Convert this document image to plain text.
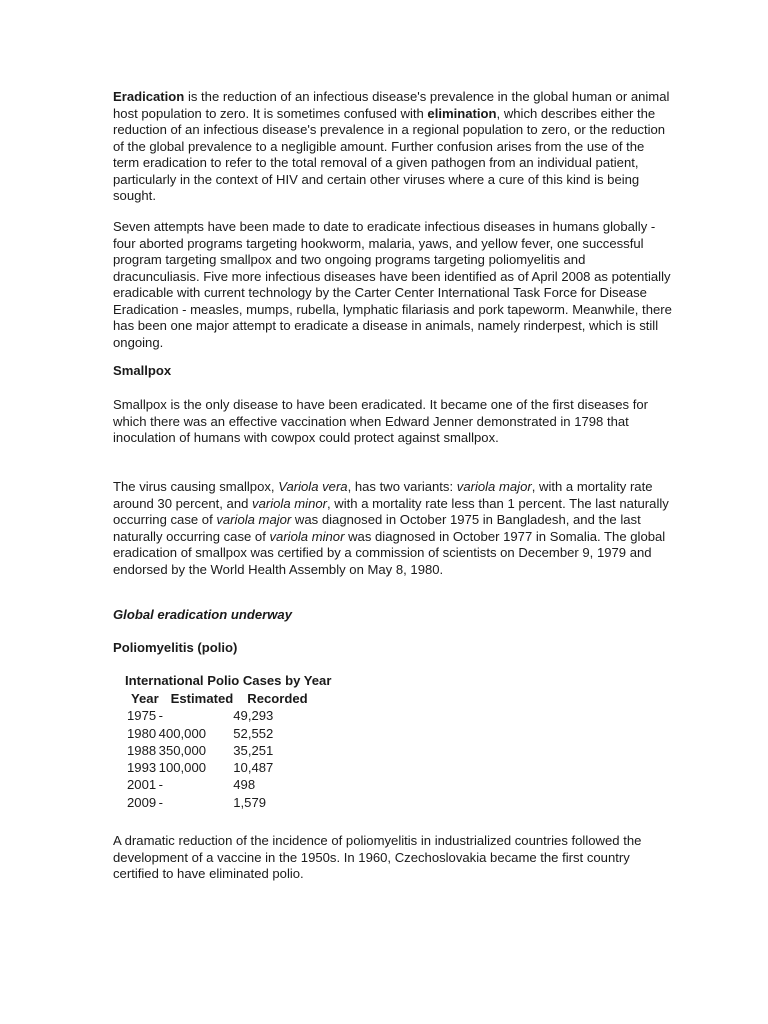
Eradication is the reduction of an infectious disease's prevalence in the global human or animal host population to zero. It is sometimes confused with elimination, which describes either the reduction of an infectious disease's prevalence in a regional population to zero, or the reduction of the global prevalence to a negligible amount. Further confusion arises from the use of the term eradication to refer to the total removal of a given pathogen from an individual patient, particularly in the context of HIV and certain other viruses where a cure of this kind is being sought.

Seven attempts have been made to date to eradicate infectious diseases in humans globally - four aborted programs targeting hookworm, malaria, yaws, and yellow fever, one successful program targeting smallpox and two ongoing programs targeting poliomyelitis and dracunculiasis. Five more infectious diseases have been identified as of April 2008 as potentially eradicable with current technology by the Carter Center International Task Force for Disease Eradication - measles, mumps, rubella, lymphatic filariasis and pork tapeworm. Meanwhile, there has been one major attempt to eradicate a disease in animals, namely rinderpest, which is still ongoing.

Smallpox

Smallpox is the only disease to have been eradicated. It became one of the first diseases for which there was an effective vaccination when Edward Jenner demonstrated in 1798 that inoculation of humans with cowpox could protect against smallpox.

The virus causing smallpox, Variola vera, has two variants: variola major, with a mortality rate around 30 percent, and variola minor, with a mortality rate less than 1 percent. The last naturally occurring case of variola major was diagnosed in October 1975 in Bangladesh, and the last naturally occurring case of variola minor was diagnosed in October 1977 in Somalia. The global eradication of smallpox was certified by a commission of scientists on December 9, 1979 and endorsed by the World Health Assembly on May 8, 1980.

Global eradication underway

Poliomyelitis (polio)

International Polio Cases by Year
Year	Estimated	Recorded
1975	-	49,293
1980	400,000	52,552
1988	350,000	35,251
1993	100,000	10,487
2001	-	498
2009	-	1,579

A dramatic reduction of the incidence of poliomyelitis in industrialized countries followed the development of a vaccine in the 1950s. In 1960, Czechoslovakia became the first country certified to have eliminated polio.
